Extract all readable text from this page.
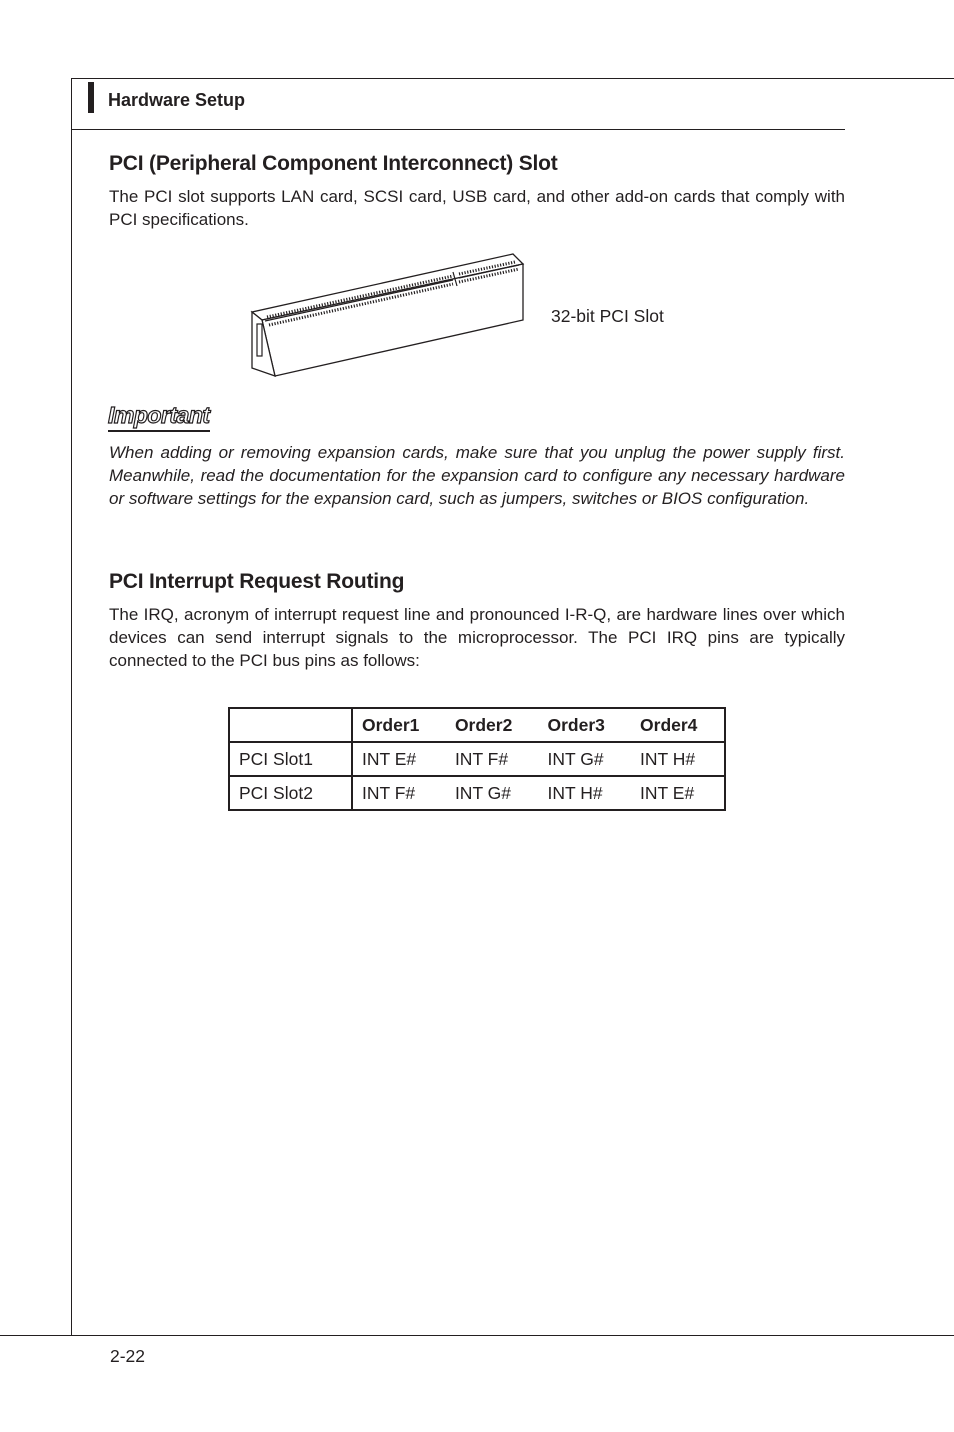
Hardware Setup
PCI (Peripheral Component Interconnect) Slot

The PCI slot supports LAN card, SCSI card, USB card, and other add-on cards that comply with PCI specifications.

32-bit PCI Slot
Important

When adding or removing expansion cards, make sure that you unplug the power supply first. Meanwhile, read the documentation for the expansion card to configure any necessary hardware or software settings for the expansion card, such as jumpers, switches or BIOS configuration.

PCI Interrupt Request Routing

The IRQ, acronym of interrupt request line and pronounced I-R-Q, are hardware lines over which devices can send interrupt signals to the microprocessor. The PCI IRQ pins are typically connected to the PCI bus pins as follows:

	Order1	Order2	Order3	Order4
PCI Slot1	INT E#	INT F#	INT G#	INT H#
PCI Slot2	INT F#	INT G#	INT H#	INT E#
2-22
